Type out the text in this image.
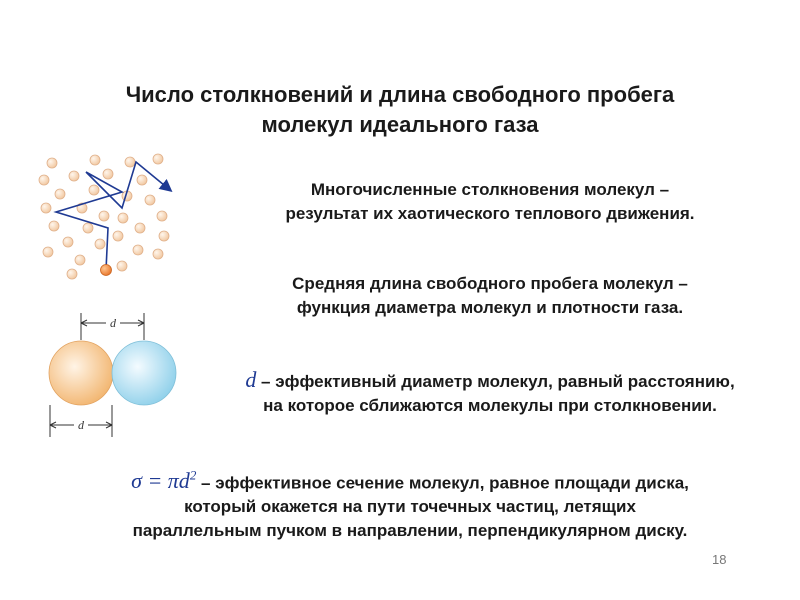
Число столкновений и длина свободного пробега
молекул идеального газа
d
d
Многочисленные столкновения молекул –
результат их хаотического теплового движения.
Средняя длина свободного пробега молекул –
функция диаметра молекул и плотности газа.
d – эффективный диаметр молекул, равный расстоянию,
на которое сближаются молекулы при столкновении.
$\sigma = \pi d^2$ – эффективное сечение молекул, равное площади диска,
который окажется на пути точечных частиц, летящих
параллельным пучком в направлении, перпендикулярном диску.
18
